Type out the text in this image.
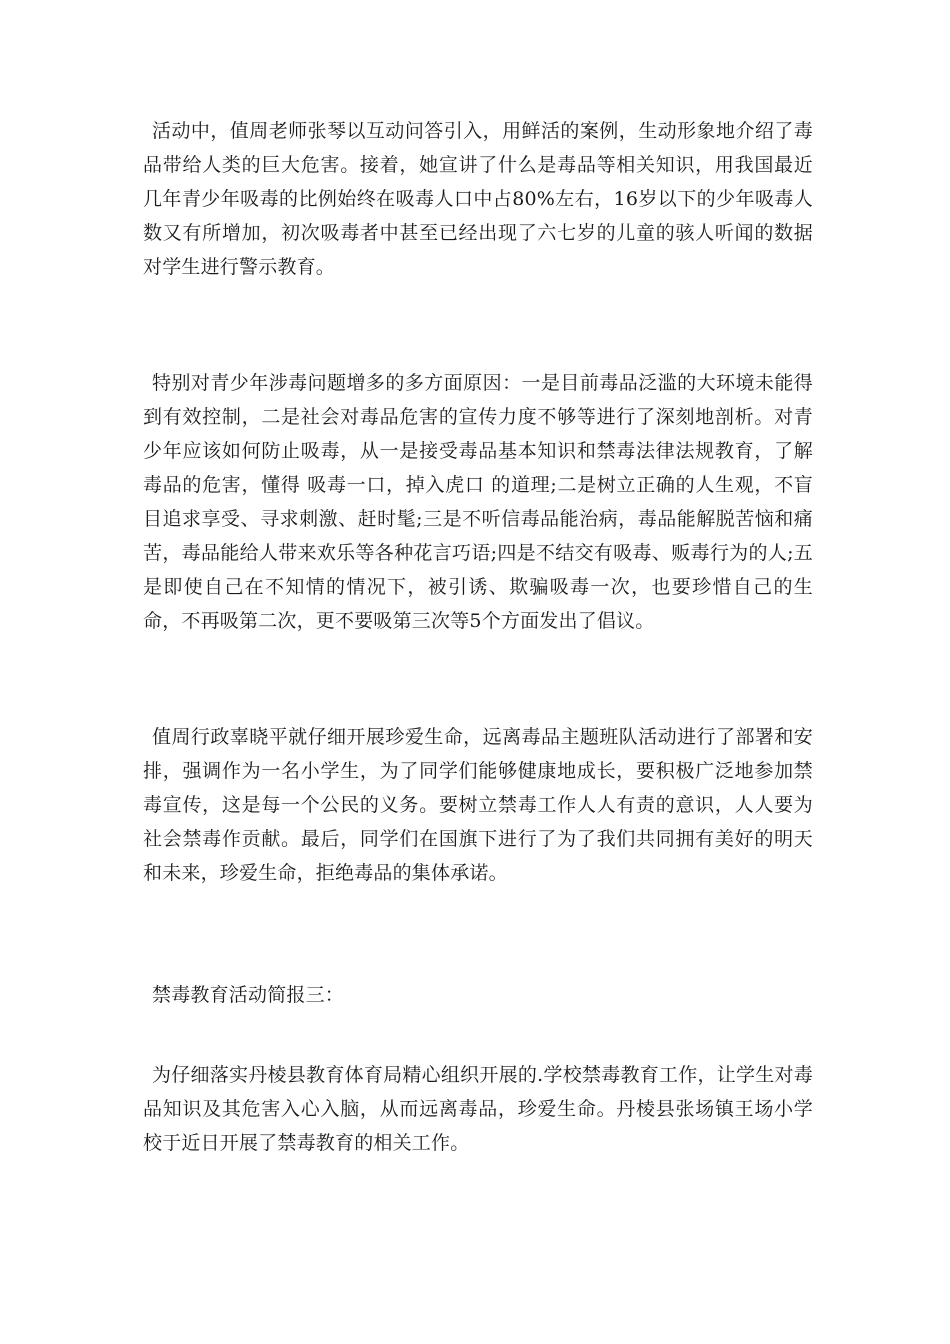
活动中，值周老师张琴以互动问答引入，用鲜活的案例，生动形象地介绍了毒品带给人类的巨大危害。接着，她宣讲了什么是毒品等相关知识，用我国最近几年青少年吸毒的比例始终在吸毒人口中占80%左右，16岁以下的少年吸毒人数又有所增加，初次吸毒者中甚至已经出现了六七岁的儿童的骇人听闻的数据对学生进行警示教育。

特别对青少年涉毒问题增多的多方面原因：一是目前毒品泛滥的大环境未能得到有效控制，二是社会对毒品危害的宣传力度不够等进行了深刻地剖析。对青少年应该如何防止吸毒，从一是接受毒品基本知识和禁毒法律法规教育，了解毒品的危害，懂得 吸毒一口，掉入虎口 的道理;二是树立正确的人生观，不盲目追求享受、寻求刺激、赶时髦;三是不听信毒品能治病，毒品能解脱苦恼和痛苦，毒品能给人带来欢乐等各种花言巧语;四是不结交有吸毒、贩毒行为的人;五是即使自己在不知情的情况下，被引诱、欺骗吸毒一次，也要珍惜自己的生命，不再吸第二次，更不要吸第三次等5个方面发出了倡议。

值周行政辜晓平就仔细开展珍爱生命，远离毒品主题班队活动进行了部署和安排，强调作为一名小学生，为了同学们能够健康地成长，要积极广泛地参加禁毒宣传，这是每一个公民的义务。要树立禁毒工作人人有责的意识，人人要为社会禁毒作贡献。最后，同学们在国旗下进行了为了我们共同拥有美好的明天和未来，珍爱生命，拒绝毒品的集体承诺。

禁毒教育活动简报三：

为仔细落实丹棱县教育体育局精心组织开展的.学校禁毒教育工作，让学生对毒品知识及其危害入心入脑，从而远离毒品，珍爱生命。丹棱县张场镇王场小学校于近日开展了禁毒教育的相关工作。
